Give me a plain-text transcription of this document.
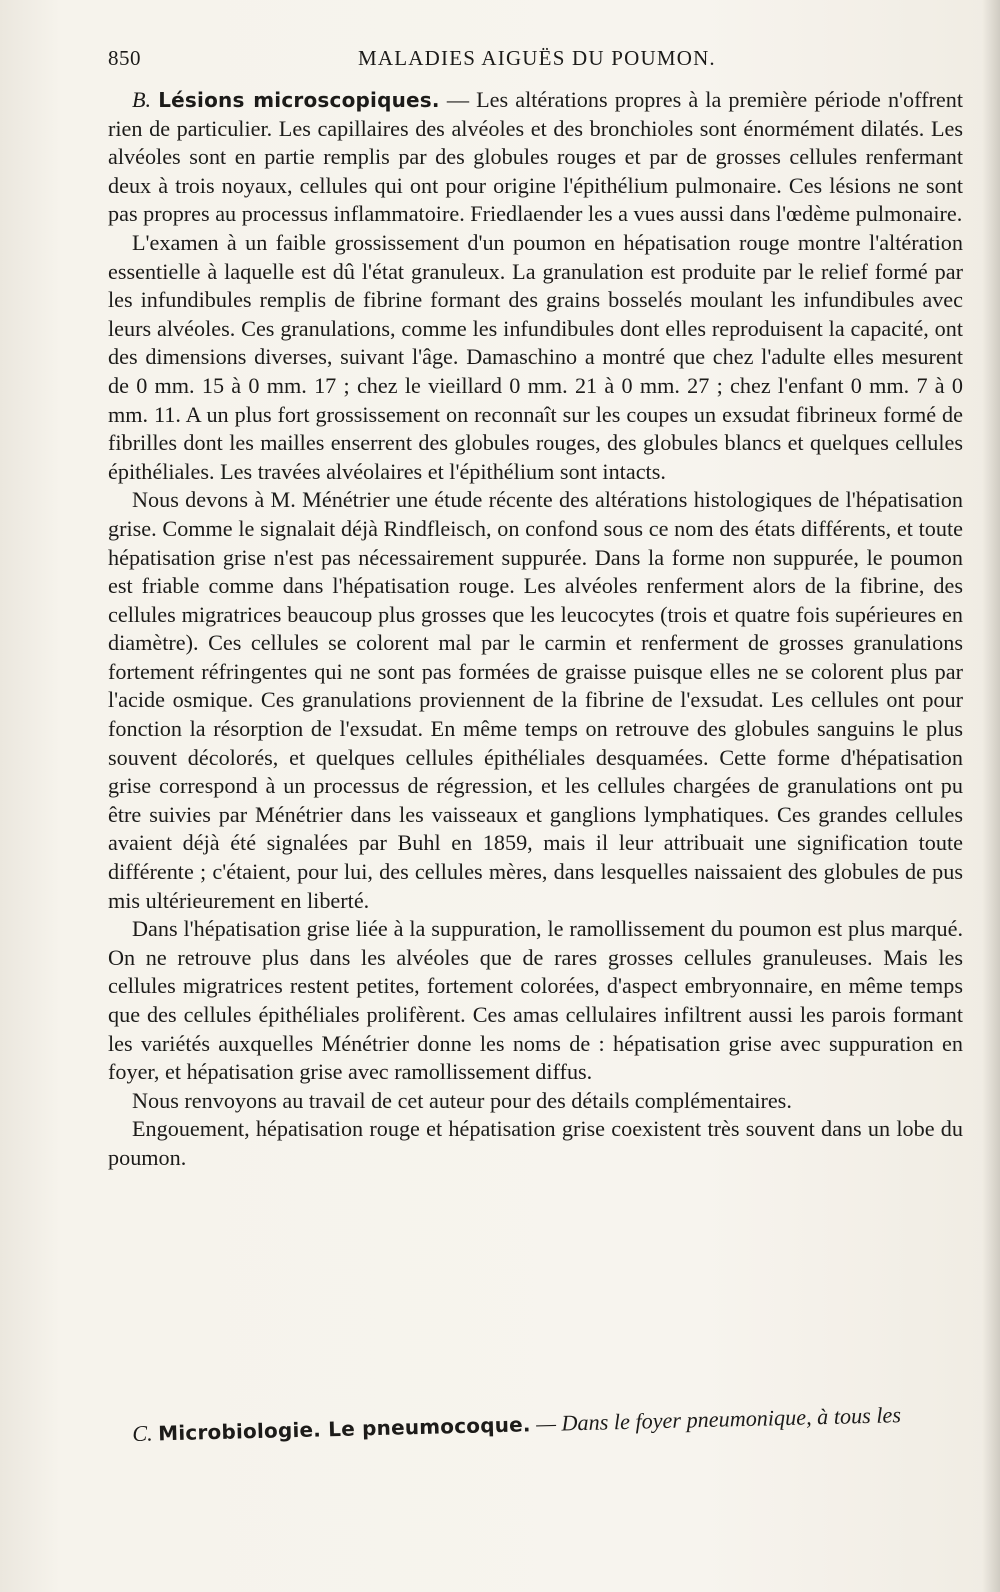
850	MALADIES AIGUËS DU POUMON.

B. Lésions microscopiques. — Les altérations propres à la première période n'offrent rien de particulier. Les capillaires des alvéoles et des bronchioles sont énormément dilatés. Les alvéoles sont en partie remplis par des globules rouges et par de grosses cellules renfermant deux à trois noyaux, cellules qui ont pour origine l'épithélium pulmonaire. Ces lésions ne sont pas propres au processus inflammatoire. Friedlaender les a vues aussi dans l'œdème pulmonaire.

L'examen à un faible grossissement d'un poumon en hépatisation rouge montre l'altération essentielle à laquelle est dû l'état granuleux. La granulation est produite par le relief formé par les infundibules remplis de fibrine formant des grains bosselés moulant les infundibules avec leurs alvéoles. Ces granulations, comme les infundibules dont elles reproduisent la capacité, ont des dimensions diverses, suivant l'âge. Damaschino a montré que chez l'adulte elles mesurent de 0 mm. 15 à 0 mm. 17 ; chez le vieillard 0 mm. 21 à 0 mm. 27 ; chez l'enfant 0 mm. 7 à 0 mm. 11. A un plus fort grossissement on reconnaît sur les coupes un exsudat fibrineux formé de fibrilles dont les mailles enserrent des globules rouges, des globules blancs et quelques cellules épithéliales. Les travées alvéolaires et l'épithélium sont intacts.

Nous devons à M. Ménétrier une étude récente des altérations histologiques de l'hépatisation grise. Comme le signalait déjà Rindfleisch, on confond sous ce nom des états différents, et toute hépatisation grise n'est pas nécessairement suppurée. Dans la forme non suppurée, le poumon est friable comme dans l'hépatisation rouge. Les alvéoles renferment alors de la fibrine, des cellules migratrices beaucoup plus grosses que les leucocytes (trois et quatre fois supérieures en diamètre). Ces cellules se colorent mal par le carmin et renferment de grosses granulations fortement réfringentes qui ne sont pas formées de graisse puisque elles ne se colorent plus par l'acide osmique. Ces granulations proviennent de la fibrine de l'exsudat. Les cellules ont pour fonction la résorption de l'exsudat. En même temps on retrouve des globules sanguins le plus souvent décolorés, et quelques cellules épithéliales desquamées. Cette forme d'hépatisation grise correspond à un processus de régression, et les cellules chargées de granulations ont pu être suivies par Ménétrier dans les vaisseaux et ganglions lymphatiques. Ces grandes cellules avaient déjà été signalées par Buhl en 1859, mais il leur attribuait une signification toute différente ; c'étaient, pour lui, des cellules mères, dans lesquelles naissaient des globules de pus mis ultérieurement en liberté.

Dans l'hépatisation grise liée à la suppuration, le ramollissement du poumon est plus marqué. On ne retrouve plus dans les alvéoles que de rares grosses cellules granuleuses. Mais les cellules migratrices restent petites, fortement colorées, d'aspect embryonnaire, en même temps que des cellules épithéliales prolifèrent. Ces amas cellulaires infiltrent aussi les parois formant les variétés auxquelles Ménétrier donne les noms de : hépatisation grise avec suppuration en foyer, et hépatisation grise avec ramollissement diffus.

Nous renvoyons au travail de cet auteur pour des détails complémentaires.

Engouement, hépatisation rouge et hépatisation grise coexistent très souvent dans un lobe du poumon.

C. Microbiologie. Le pneumocoque. — Dans le foyer pneumonique, à tous les
